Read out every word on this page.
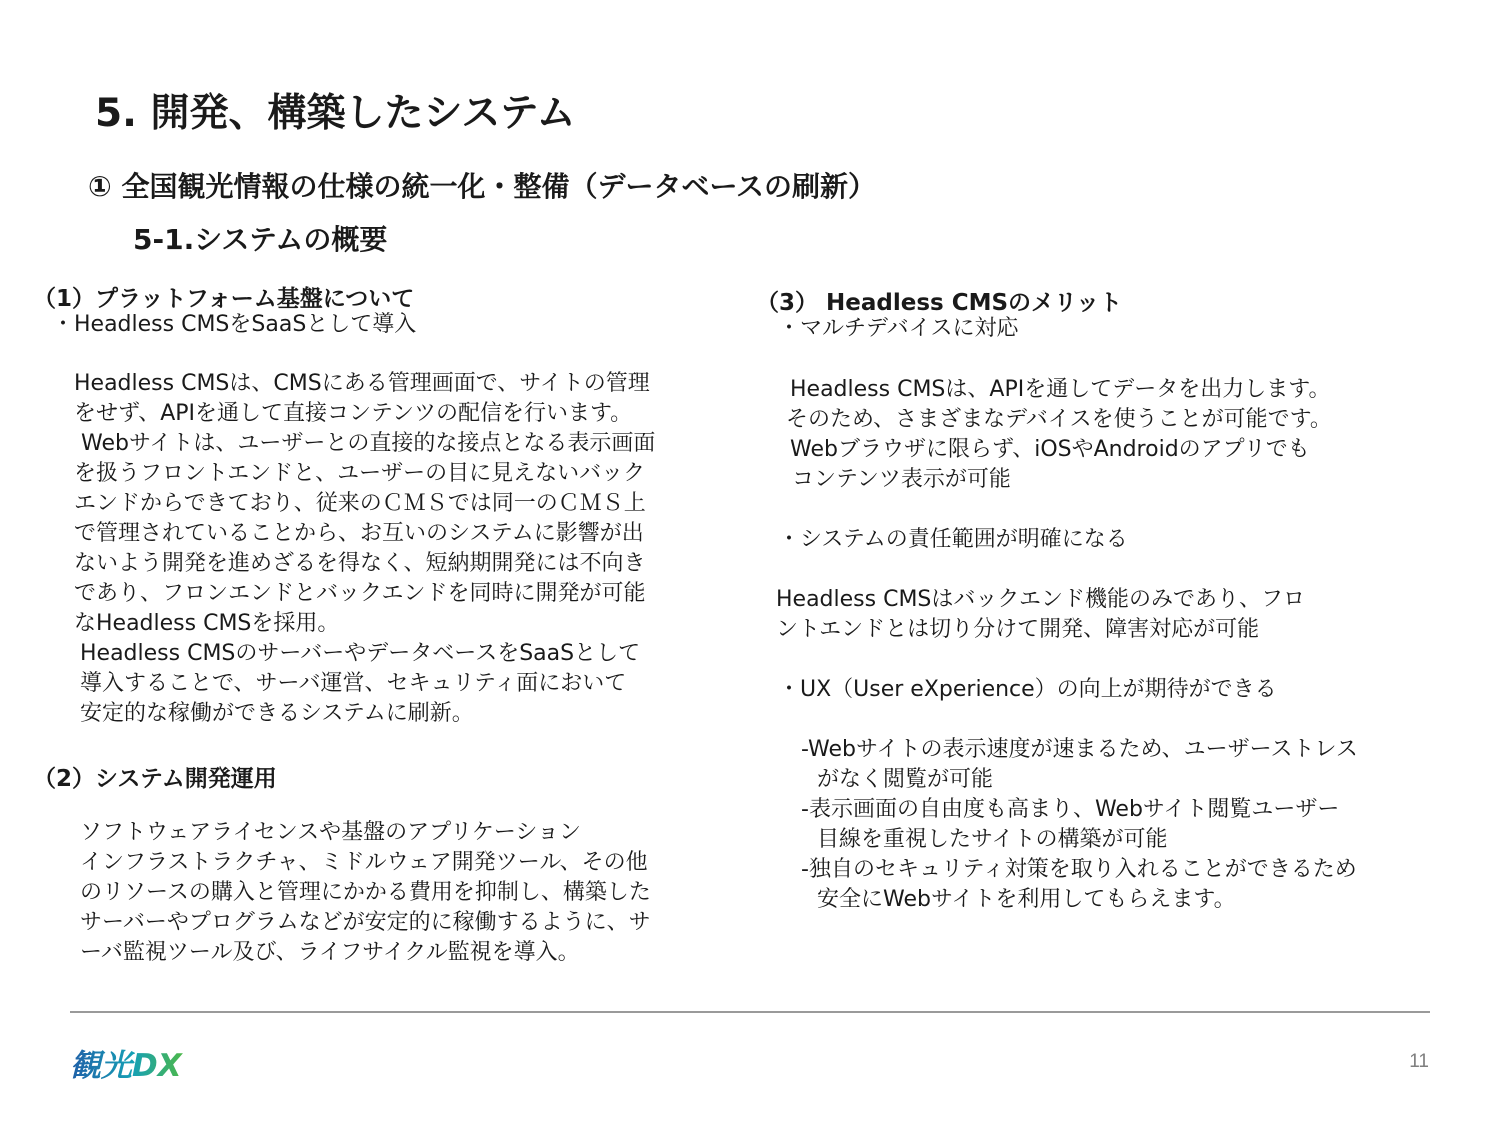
5. 開発、構築したシステム
① 全国観光情報の仕様の統一化・整備（データベースの刷新）
5-1.システムの概要
（1）プラットフォーム基盤について
・Headless CMSをSaaSとして導入
Headless CMSは、CMSにある管理画面で、サイトの管理
をせず、APIを通して直接コンテンツの配信を行います。
Webサイトは、ユーザーとの直接的な接点となる表示画面
を扱うフロントエンドと、ユーザーの目に見えないバック
エンドからできており、従来のＣＭＳでは同一のＣＭＳ上
で管理されていることから、お互いのシステムに影響が出
ないよう開発を進めざるを得なく、短納期開発には不向き
であり、フロンエンドとバックエンドを同時に開発が可能
なHeadless CMSを採用。
Headless CMSのサーバーやデータベースをSaaSとして
導入することで、サーバ運営、セキュリティ面において
安定的な稼働ができるシステムに刷新。
（2）システム開発運用
ソフトウェアライセンスや基盤のアプリケーション
インフラストラクチャ、ミドルウェア開発ツール、その他
のリソースの購入と管理にかかる費用を抑制し、構築した
サーバーやプログラムなどが安定的に稼働するように、サ
ーバ監視ツール及び、ライフサイクル監視を導入。
（3） Headless CMSのメリット
・マルチデバイスに対応
Headless CMSは、APIを通してデータを出力します。
そのため、さまざまなデバイスを使うことが可能です。
Webブラウザに限らず、iOSやAndroidのアプリでも
コンテンツ表示が可能
・システムの責任範囲が明確になる
Headless CMSはバックエンド機能のみであり、フロ
ントエンドとは切り分けて開発、障害対応が可能
・UX（User eXperience）の向上が期待ができる
-Webサイトの表示速度が速まるため、ユーザーストレス
がなく閲覧が可能
-表示画面の自由度も高まり、Webサイト閲覧ユーザー
目線を重視したサイトの構築が可能
-独自のセキュリティ対策を取り入れることができるため
安全にWebサイトを利用してもらえます。
観光DX	11
